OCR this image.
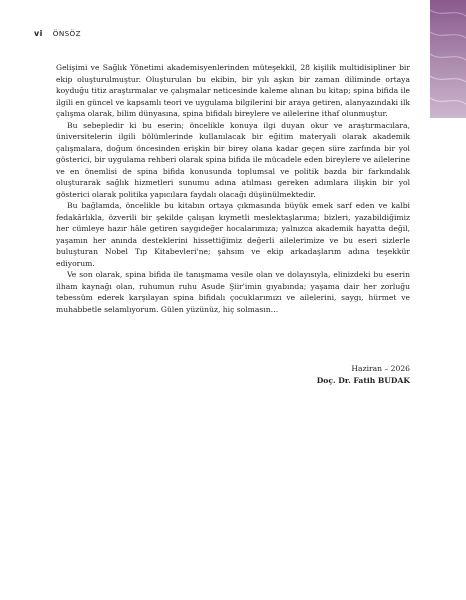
vi ÖNSÖZ

Gelişimi ve Sağlık Yönetimi akademisyenlerinden müteşekkil, 28 kişilik multidisipliner bir ekip oluşturulmuştur. Oluşturulan bu ekibin, bir yılı aşkın bir zaman diliminde ortaya koyduğu titiz araştırmalar ve çalışmalar neticesinde kaleme alınan bu kitap; spina bifida ile ilgili en güncel ve kapsamlı teori ve uygulama bilgilerini bir araya getiren, alanyazındaki ilk çalışma olarak, bilim dünyasına, spina bifidalı bireylere ve ailelerine ithaf olunmuştur.

Bu sebepledir ki bu eserin; öncelikle konuya ilgi duyan okur ve araştırmacılara, üniversitelerin ilgili bölümlerinde kullanılacak bir eğitim materyali olarak akademik çalışmalara, doğum öncesinden erişkin bir birey olana kadar geçen süre zarfında bir yol gösterici, bir uygulama rehberi olarak spina bifida ile mücadele eden bireylere ve ailelerine ve en önemlisi de spina bifida konusunda toplumsal ve politik bazda bir farkındalık oluşturarak sağlık hizmetleri sunumu adına atılması gereken adımlara ilişkin bir yol gösterici olarak politika yapıcılara faydalı olacağı düşünülmektedir.

Bu bağlamda, öncelikle bu kitabın ortaya çıkmasında büyük emek sarf eden ve kalbi fedakârlıkla, özverili bir şekilde çalışan kıymetli meslektaşlarıma; bizleri, yazabildiğimiz her cümleye hazır hâle getiren saygıdeğer hocalarımıza; yalnızca akademik hayatta değil, yaşamın her anında desteklerini hissettiğimiz değerli ailelerimize ve bu eseri sizlerle buluşturan Nobel Tıp Kitabevleri'ne; şahsım ve ekip arkadaşlarım adına teşekkür ediyorum.

Ve son olarak, spina bifida ile tanışmama vesile olan ve dolayısıyla, elinizdeki bu eserin ilham kaynağı olan, ruhumun ruhu Asude Şiir'imin gıyabında; yaşama dair her zorluğu tebessüm ederek karşılayan spina bifidalı çocuklarımızı ve ailelerini, saygı, hürmet ve muhabbetle selamlıyorum. Gülen yüzünüz, hiç solmasın…

Haziran – 2026
Doç. Dr. Fatih BUDAK
